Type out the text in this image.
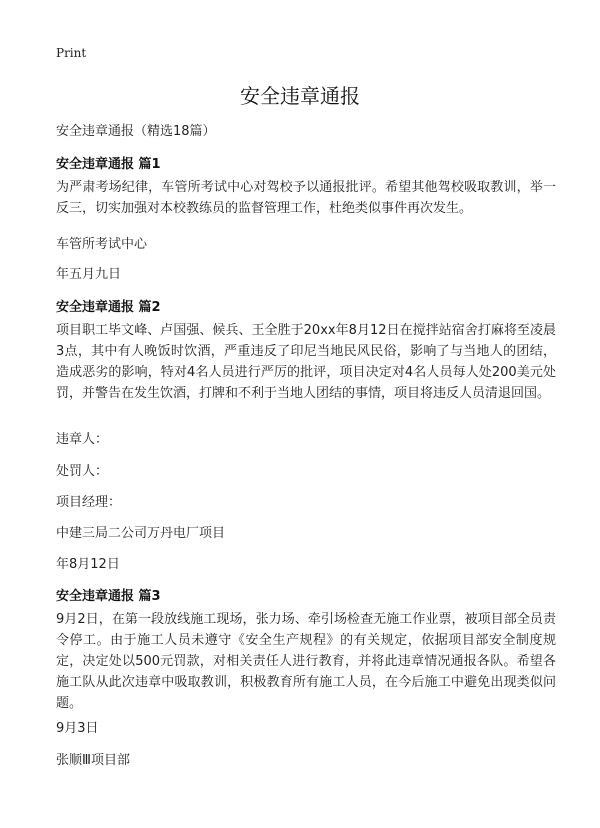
Print
安全违章通报
安全违章通报（精选18篇）
安全违章通报 篇1
为严肃考场纪律，车管所考试中心对驾校予以通报批评。希望其他驾校吸取教训，举一反三，切实加强对本校教练员的监督管理工作，杜绝类似事件再次发生。
车管所考试中心
年五月九日
安全违章通报 篇2
项目职工毕文峰、卢国强、候兵、王全胜于20xx年8月12日在搅拌站宿舍打麻将至凌晨3点，其中有人晚饭时饮酒，严重违反了印尼当地民风民俗，影响了与当地人的团结，造成恶劣的影响，特对4名人员进行严厉的批评，项目决定对4名人员每人处200美元处罚，并警告在发生饮酒，打牌和不利于当地人团结的事情，项目将违反人员清退回国。
违章人：
处罚人：
项目经理：
中建三局二公司万丹电厂项目
年8月12日
安全违章通报 篇3
9月2日，在第一段放线施工现场，张力场、牵引场检查无施工作业票，被项目部全员责令停工。由于施工人员未遵守《安全生产规程》的有关规定，依据项目部安全制度规定，决定处以500元罚款，对相关责任人进行教育，并将此违章情况通报各队。希望各施工队从此次违章中吸取教训，积极教育所有施工人员，在今后施工中避免出现类似问题。
9月3日
张顺Ⅲ项目部
